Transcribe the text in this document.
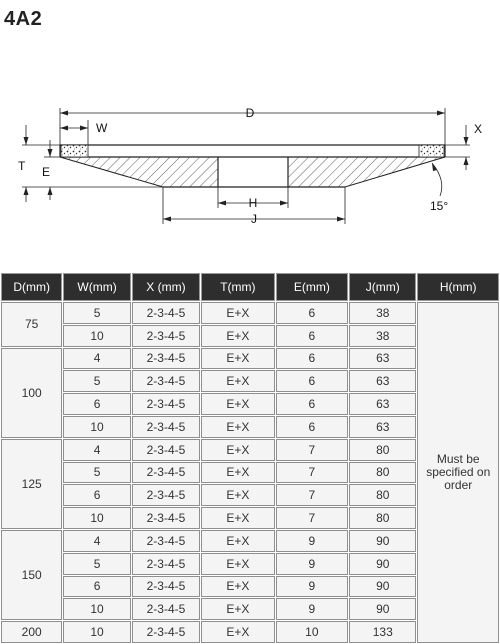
4A2
D
W	X
T E
H
J
15°
D(mm)	W(mm)	X (mm)	T(mm)	E(mm)	J(mm)	H(mm)
75	5	2-3-4-5	E+X	6	38	Must be specified on order
	10	2-3-4-5	E+X	6	38	
100	4	2-3-4-5	E+X	6	63	
	5	2-3-4-5	E+X	6	63	
	6	2-3-4-5	E+X	6	63	
	10	2-3-4-5	E+X	6	63	
125	4	2-3-4-5	E+X	7	80	
	5	2-3-4-5	E+X	7	80	
	6	2-3-4-5	E+X	7	80	
	10	2-3-4-5	E+X	7	80	
150	4	2-3-4-5	E+X	9	90	
	5	2-3-4-5	E+X	9	90	
	6	2-3-4-5	E+X	9	90	
	10	2-3-4-5	E+X	9	90	
200	10	2-3-4-5	E+X	10	133	
